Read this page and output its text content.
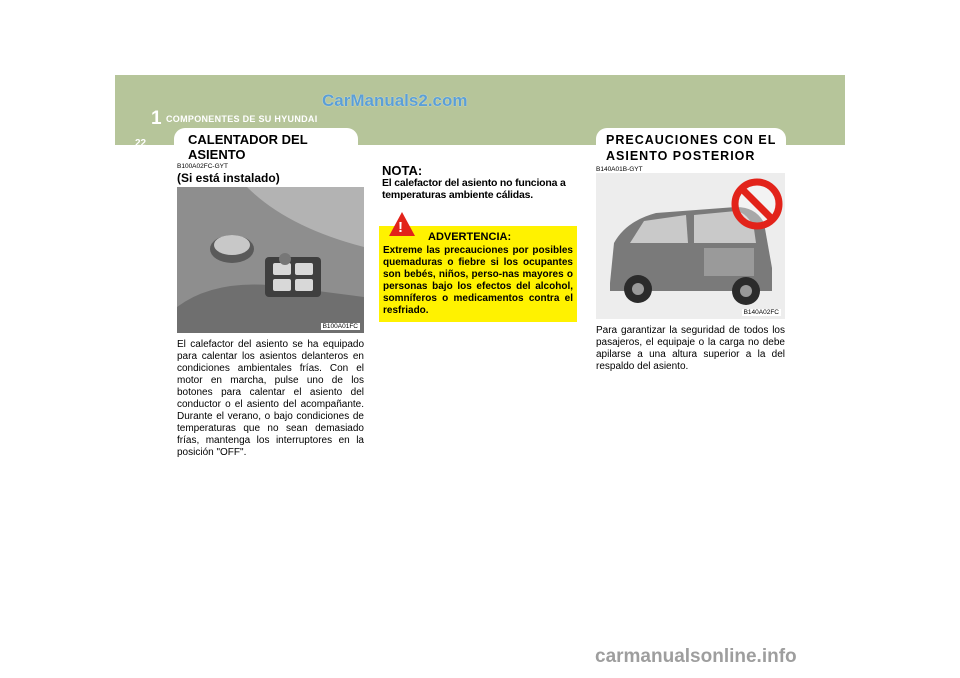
CarManuals2.com
1 COMPONENTES DE SU HYUNDAI
22	CALENTADOR DEL ASIENTO
PRECAUCIONES CON EL
ASIENTO POSTERIOR
B100A02FC-GYT
(Si está instalado)
B100A01FC
El calefactor del asiento se ha equipado para calentar los asientos delanteros en condiciones ambientales frías. Con el motor en marcha, pulse uno de los botones para calentar el asiento del conductor o el asiento del acompañante. Durante el verano, o bajo condiciones de temperaturas que no sean demasiado frías, mantenga los interruptores en la posición "OFF".
NOTA:
El calefactor del asiento no funciona a temperaturas ambiente cálidas.
!
ADVERTENCIA:
Extreme las precauciones por posibles quemaduras o fiebre si los ocupantes son bebés, niños, perso-nas mayores o personas bajo los efectos del alcohol, somníferos o medicamentos contra el resfriado.
B140A01B-GYT
B140A02FC
Para garantizar la seguridad de todos los pasajeros, el equipaje o la carga no debe apilarse a una altura superior a la del respaldo del asiento.
carmanualsonline.info
